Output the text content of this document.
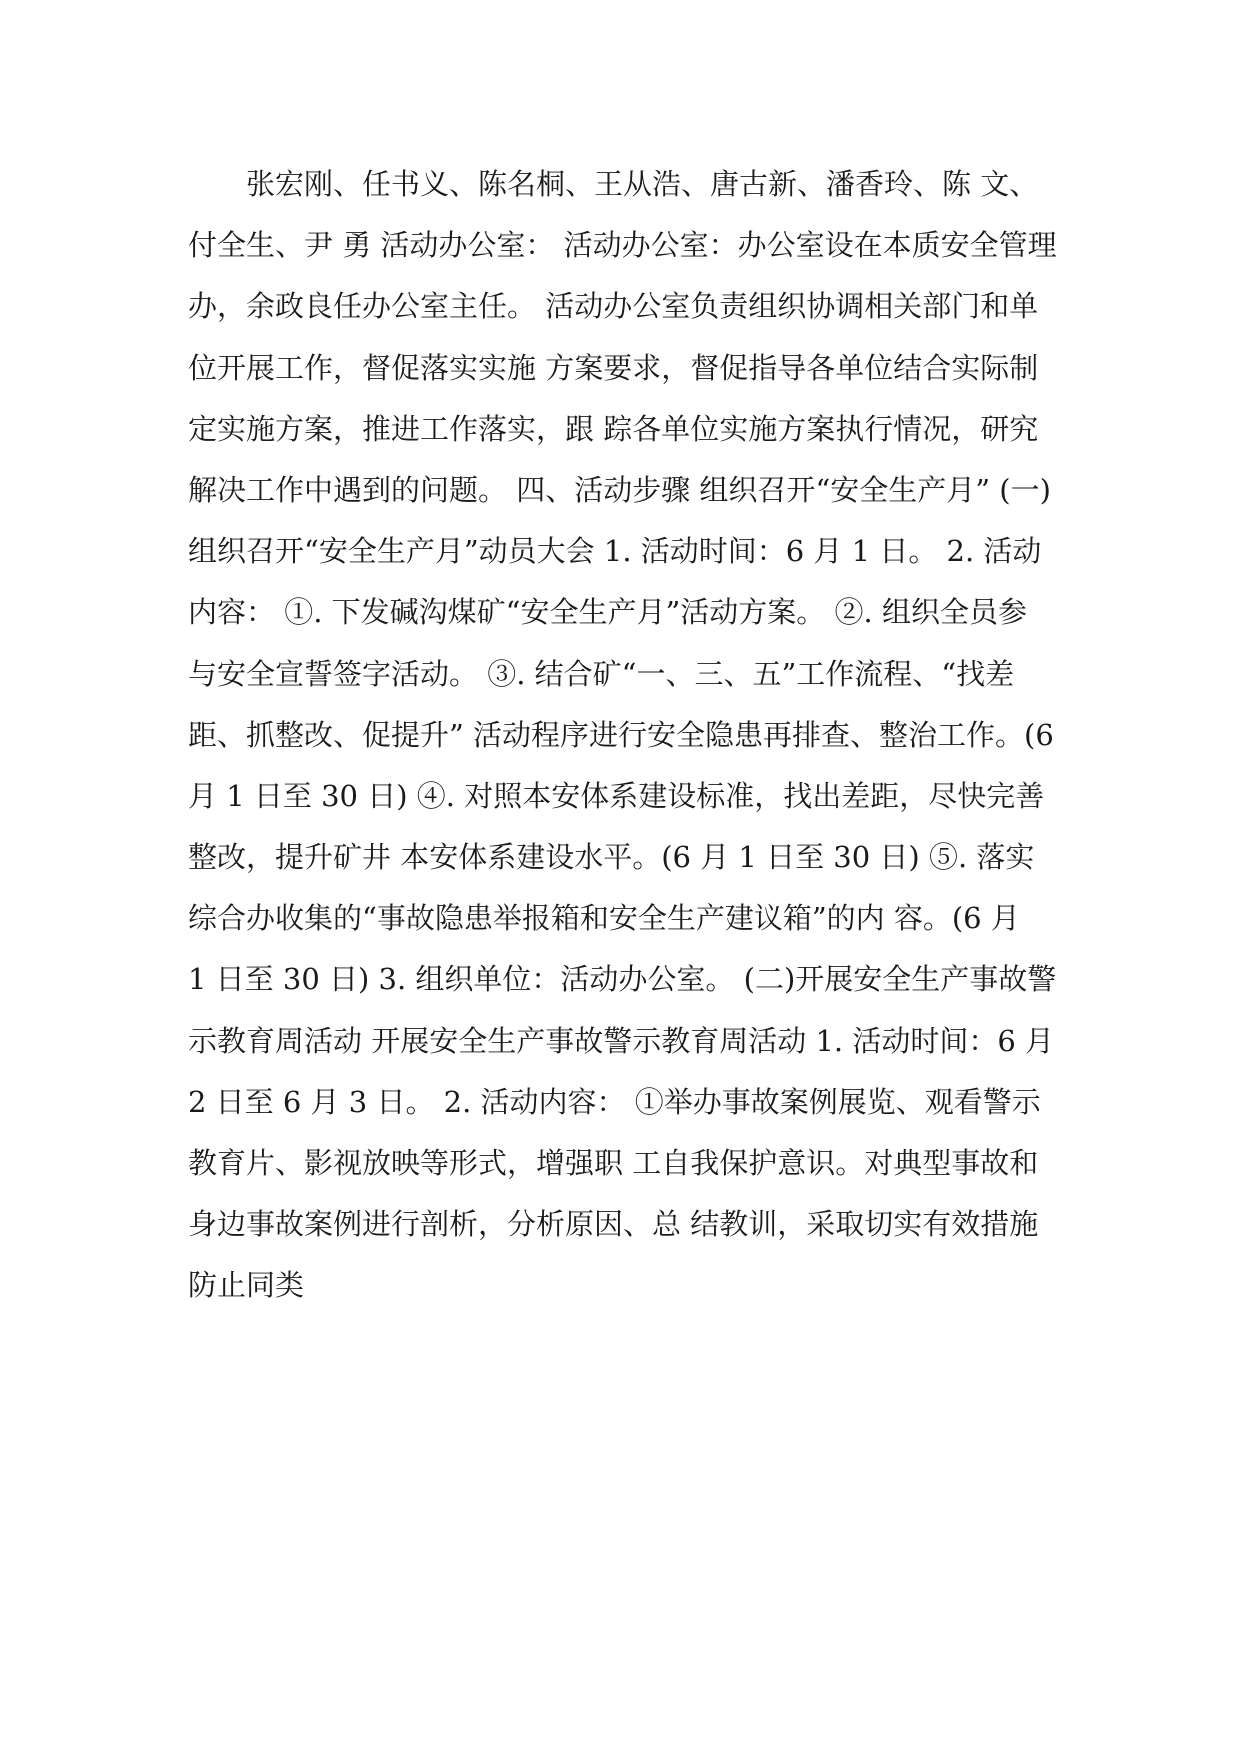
张宏刚、任书义、陈名桐、王从浩、唐古新、潘香玲、陈 文、
付全生、尹 勇 活动办公室： 活动办公室：办公室设在本质安全管理
办，余政良任办公室主任。 活动办公室负责组织协调相关部门和单
位开展工作，督促落实实施 方案要求，督促指导各单位结合实际制
定实施方案，推进工作落实，跟 踪各单位实施方案执行情况，研究
解决工作中遇到的问题。 四、活动步骤 组织召开“安全生产月” (一)
组织召开“安全生产月”动员大会 1. 活动时间：6 月 1 日。 2. 活动
内容： ①. 下发碱沟煤矿“安全生产月”活动方案。 ②. 组织全员参
与安全宣誓签字活动。 ③. 结合矿“一、三、五”工作流程、“找差
距、抓整改、促提升” 活动程序进行安全隐患再排查、整治工作。(6
月 1 日至 30 日) ④. 对照本安体系建设标准，找出差距，尽快完善
整改，提升矿井 本安体系建设水平。(6 月 1 日至 30 日) ⑤. 落实
综合办收集的“事故隐患举报箱和安全生产建议箱”的内 容。(6 月
1 日至 30 日) 3. 组织单位：活动办公室。 (二)开展安全生产事故警
示教育周活动 开展安全生产事故警示教育周活动 1. 活动时间：6 月
2 日至 6 月 3 日。 2. 活动内容： ①举办事故案例展览、观看警示
教育片、影视放映等形式，增强职 工自我保护意识。对典型事故和
身边事故案例进行剖析，分析原因、总 结教训，采取切实有效措施
防止同类
